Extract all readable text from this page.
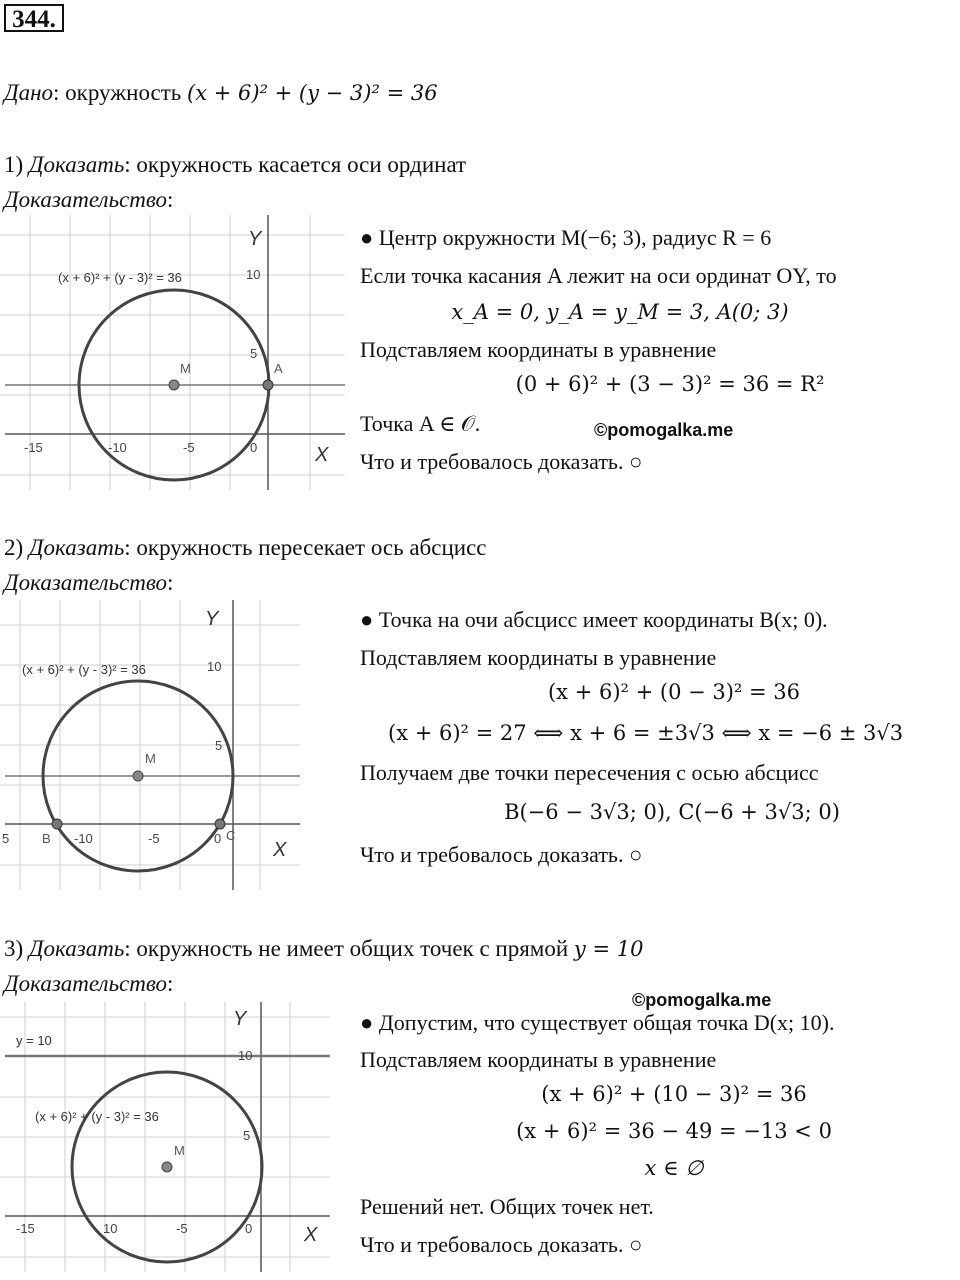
344.
Дано: окружность (x + 6)² + (y − 3)² = 36
1) Доказать: окружность касается оси ординат
Доказательство:
Y
X
(x + 6)² + (y - 3)² = 36
-15	-10	-5	0
5
10
M	A
● Центр окружности M(−6; 3), радиус R = 6
Если точка касания A лежит на оси ординат OY, то
x_A = 0, y_A = y_M = 3, A(0; 3)
Подставляем координаты в уравнение
(0 + 6)² + (3 − 3)² = 36 = R²
Точка A ∈ 𝒪.	©pomogalka.me
Что и требовалось доказать. ○
2) Доказать: окружность пересекает ось абсцисс
Доказательство:
Y
X
(x + 6)² + (y - 3)² = 36
5	-10	-5	0
5
10
M
B	C
● Точка на очи абсцисс имеет координаты B(x; 0).
Подставляем координаты в уравнение
(x + 6)² + (0 − 3)² = 36
(x + 6)² = 27 ⟺ x + 6 = ±3√3 ⟺ x = −6 ± 3√3
Получаем две точки пересечения с осью абсцисс
B(−6 − 3√3; 0), C(−6 + 3√3; 0)
Что и требовалось доказать. ○
3) Доказать: окружность не имеет общих точек с прямой y = 10
Доказательство:
©pomogalka.me
Y
X
y = 10
(x + 6)² + (y - 3)² = 36
-15	10	-5	0
5
10
M
● Допустим, что существует общая точка D(x; 10).
Подставляем координаты в уравнение
(x + 6)² + (10 − 3)² = 36
(x + 6)² = 36 − 49 = −13 < 0
x ∈ ∅
Решений нет. Общих точек нет.
Что и требовалось доказать. ○
